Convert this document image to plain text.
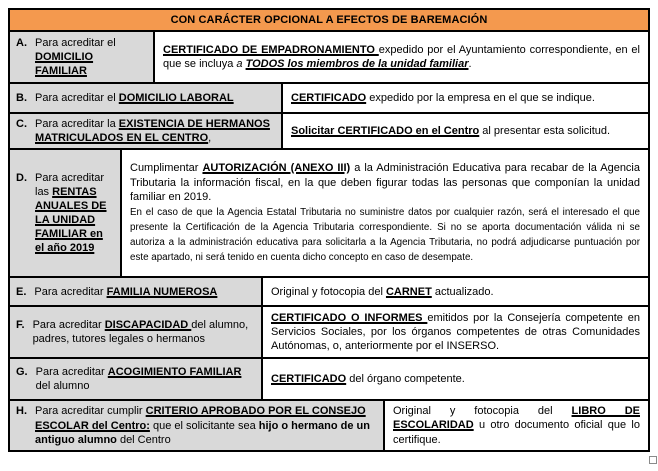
CON CARÁCTER OPCIONAL A EFECTOS DE BAREMACIÓN
A. Para acreditar el DOMICILIO FAMILIAR

CERTIFICADO DE EMPADRONAMIENTO expedido por el Ayuntamiento correspondiente, en el que se incluya a TODOS los miembros de la unidad familiar.

B. Para acreditar el DOMICILIO LABORAL	CERTIFICADO expedido por la empresa en el que se indique.

C. Para acreditar la EXISTENCIA DE HERMANOS MATRICULADOS EN EL CENTRO,

Solicitar CERTIFICADO en el Centro al presentar esta solicitud.

D. Para acreditar las RENTAS ANUALES DE LA UNIDAD FAMILIAR en el año 2019

Cumplimentar AUTORIZACIÓN (ANEXO III) a la Administración Educativa para recabar de la Agencia Tributaria la información fiscal, en la que deben figurar todas las personas que componían la unidad familiar en 2019.

En el caso de que la Agencia Estatal Tributaria no suministre datos por cualquier razón, será el interesado el que presente la Certificación de la Agencia Tributaria correspondiente. Si no se aporta documentación válida ni se autoriza a la administración educativa para solicitarla a la Agencia Tributaria, no podrá adjudicarse puntuación por este apartado, ni será tenido en cuenta dicho concepto en caso de desempate.

E. Para acreditar FAMILIA NUMEROSA	Original y fotocopia del CARNET actualizado.

F. Para acreditar DISCAPACIDAD del alumno, padres, tutores legales o hermanos

CERTIFICADO O INFORMES emitidos por la Consejería competente en Servicios Sociales, por los órganos competentes de otras Comunidades Autónomas, o, anteriormente por el INSERSO.

G. Para acreditar ACOGIMIENTO FAMILIAR del alumno

CERTIFICADO del órgano competente.

H. Para acreditar cumplir CRITERIO APROBADO POR EL CONSEJO ESCOLAR del Centro: que el solicitante sea hijo o hermano de un antiguo alumno del Centro

Original y fotocopia del LIBRO DE ESCOLARIDAD u otro documento oficial que lo certifique.
